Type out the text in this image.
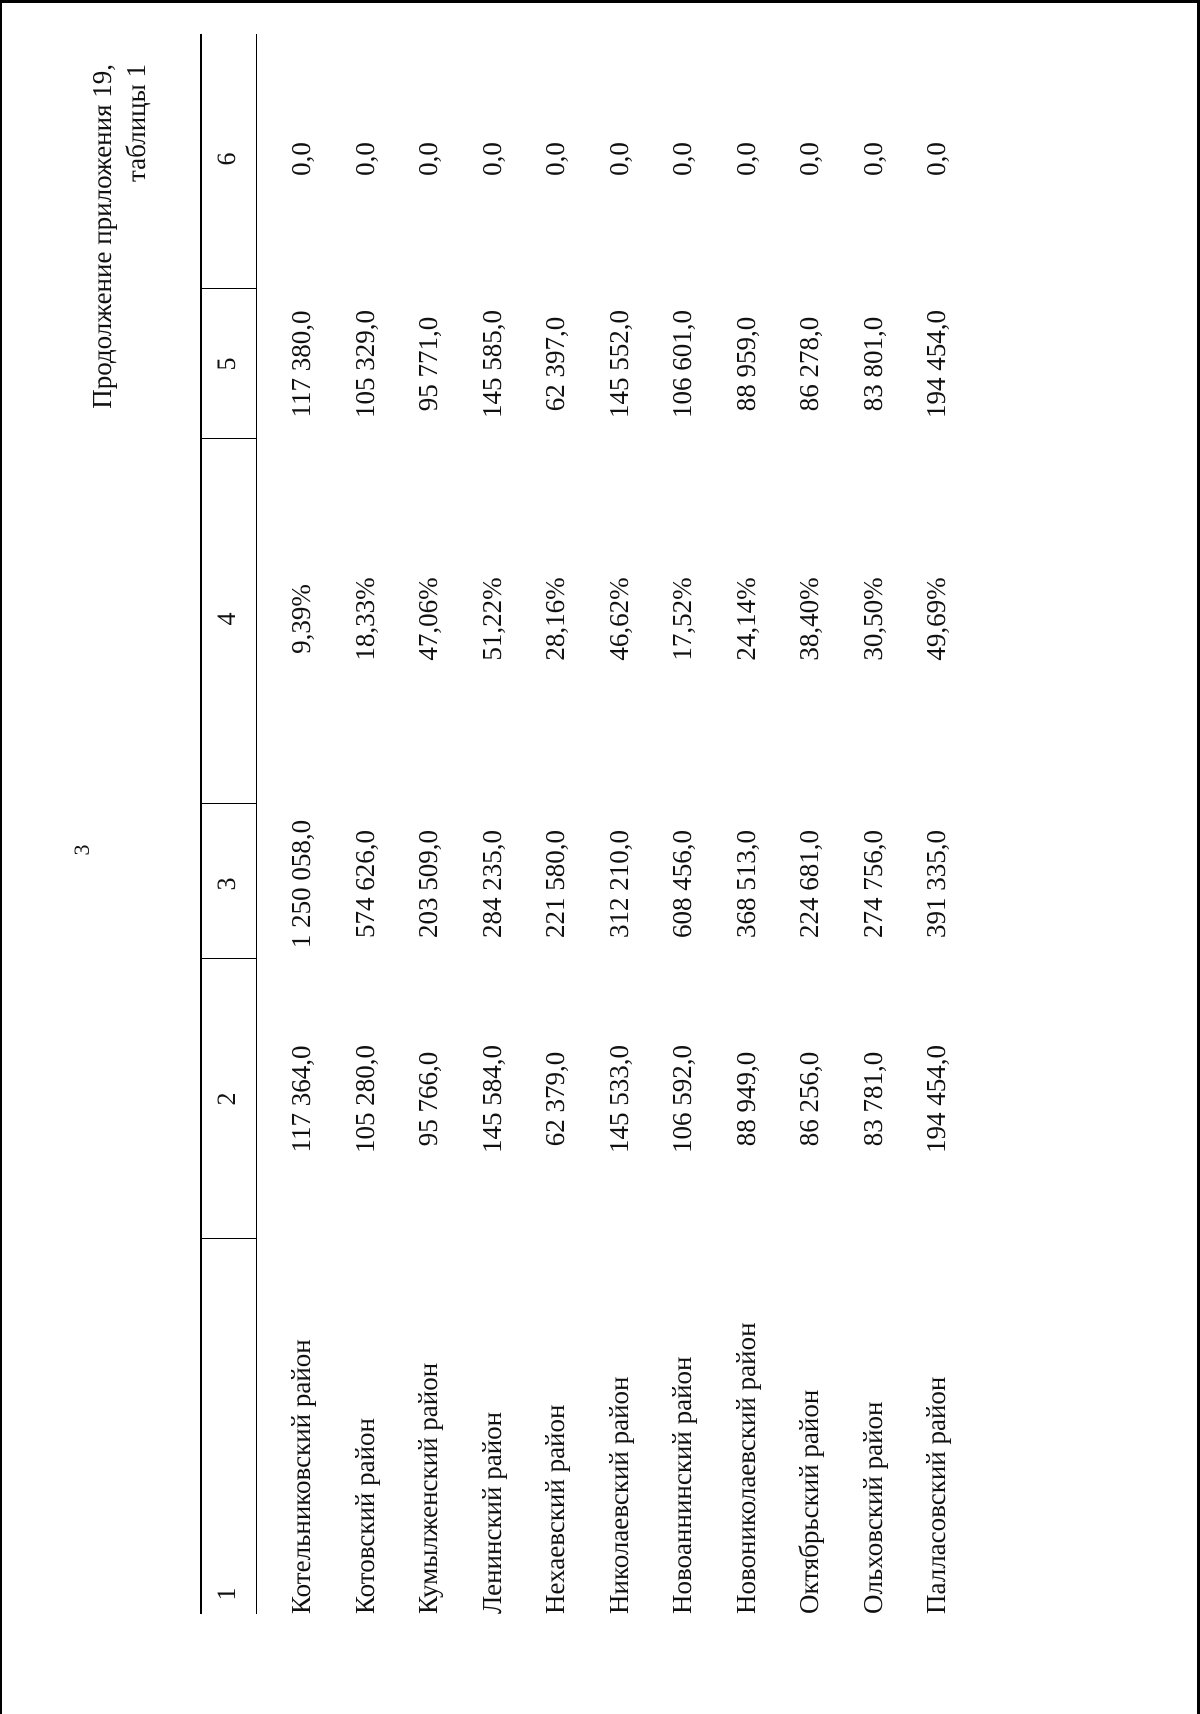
3
Продолжение приложения 19, таблицы 1
1
2
3
4
5
6
Котельниковский район
117 364,0
1 250 058,0
9,39%
117 380,0
0,0
Котовский район
105 280,0
574 626,0
18,33%
105 329,0
0,0
Кумылженский район
95 766,0
203 509,0
47,06%
95 771,0
0,0
Ленинский район
145 584,0
284 235,0
51,22%
145 585,0
0,0
Нехаевский район
62 379,0
221 580,0
28,16%
62 397,0
0,0
Николаевский район
145 533,0
312 210,0
46,62%
145 552,0
0,0
Новоаннинский район
106 592,0
608 456,0
17,52%
106 601,0
0,0
Новониколаевский район
88 949,0
368 513,0
24,14%
88 959,0
0,0
Октябрьский район
86 256,0
224 681,0
38,40%
86 278,0
0,0
Ольховский район
83 781,0
274 756,0
30,50%
83 801,0
0,0
Палласовский район
194 454,0
391 335,0
49,69%
194 454,0
0,0
